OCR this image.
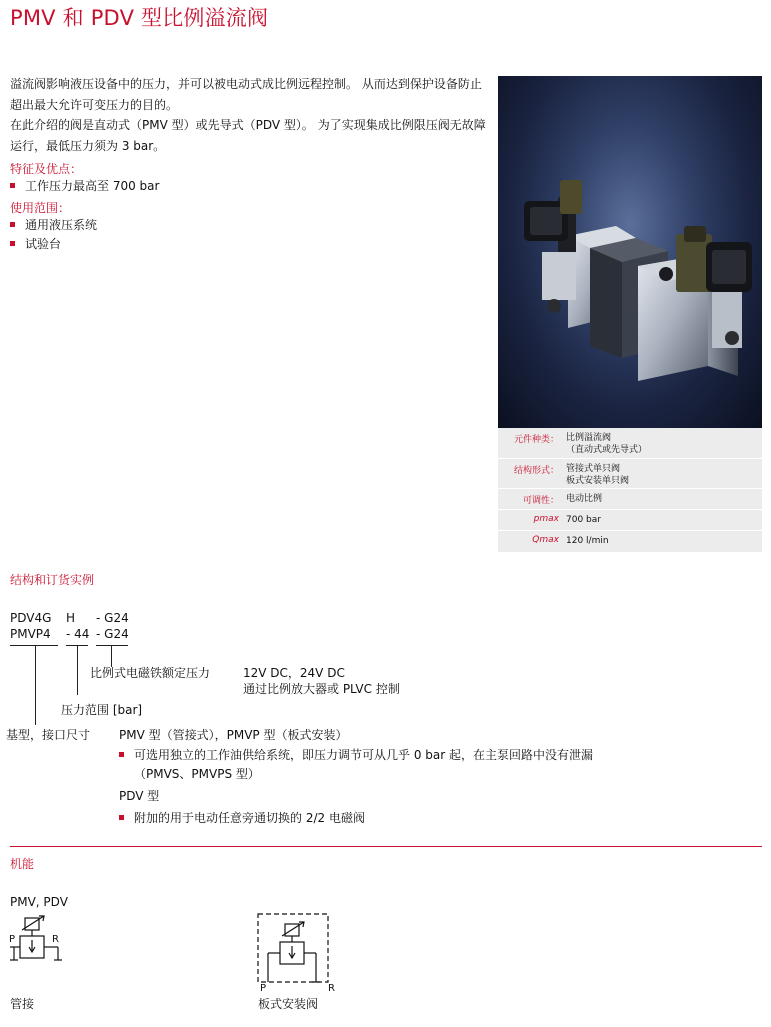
PMV 和 PDV 型比例溢流阀

溢流阀影响液压设备中的压力，并可以被电动式成比例远程控制。 从而达到保护设备防止超出最大允许可变压力的目的。

在此介绍的阀是直动式（PMV 型）或先导式（PDV 型）。 为了实现集成比例限压阀无故障运行，最低压力须为 3 bar。

特征及优点：
工作压力最高至 700 bar
使用范围：
通用液压系统
试验台
元件种类： 比例溢流阀
（直动式或先导式）
结构形式： 管接式单只阀
板式安装单只阀
可调性： 电动比例
pmax 700 bar
Qmax 120 l/min
结构和订货实例
PDV4G H - G24
PMVP4 - 44 - G24
比例式电磁铁额定压力	12V DC，24V DC
通过比例放大器或 PLVC 控制
压力范围 [bar]
基型，接口尺寸 PMV 型（管接式），PMVP 型（板式安装）
可选用独立的工作油供给系统，即压力调节可从几乎 0 bar 起，在主泵回路中没有泄漏
（PMVS、PMVPS 型）
PDV 型
附加的用于电动任意旁通切换的 2/2 电磁阀
机能
PMV, PDV
P	R
P	R
管接	板式安装阀
